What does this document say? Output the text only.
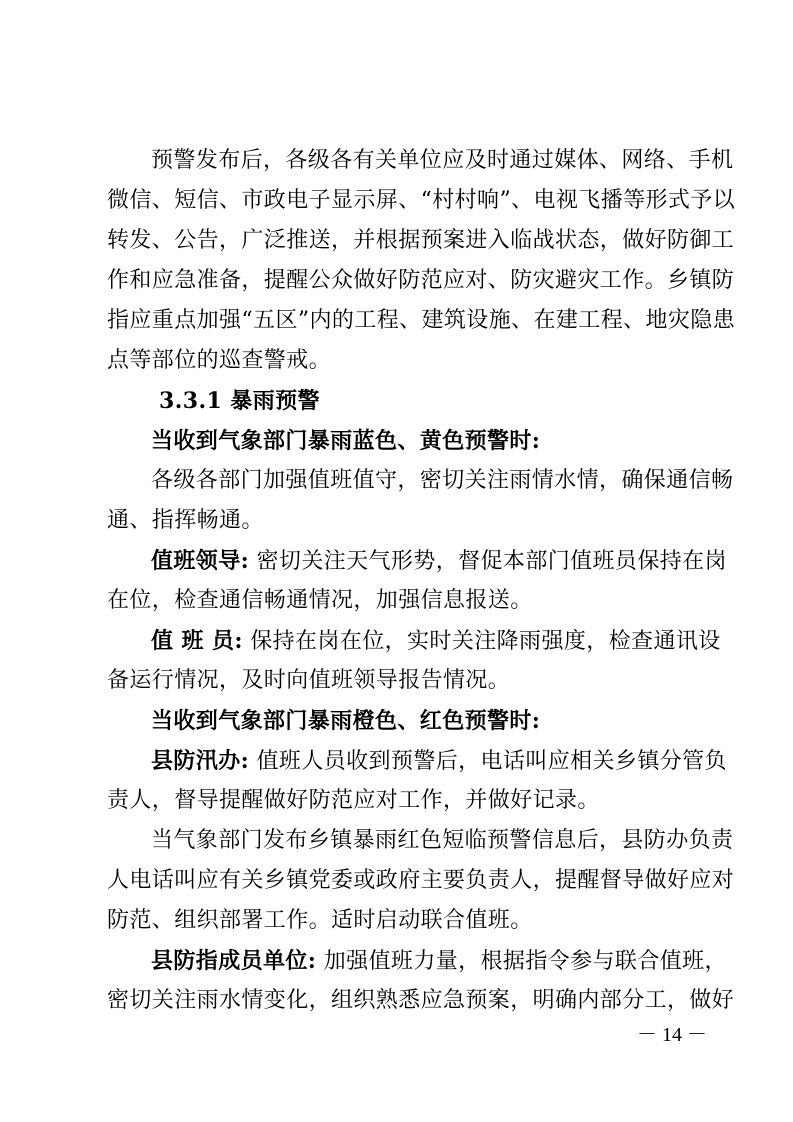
预警发布后，各级各有关单位应及时通过媒体、网络、手机
微信、短信、市政电子显示屏、“村村响”、电视飞播等形式予以
转发、公告，广泛推送，并根据预案进入临战状态，做好防御工
作和应急准备，提醒公众做好防范应对、防灾避灾工作。乡镇防
指应重点加强“五区”内的工程、建筑设施、在建工程、地灾隐患
点等部位的巡查警戒。
3.3.1 暴雨预警
当收到气象部门暴雨蓝色、黄色预警时:
各级各部门加强值班值守，密切关注雨情水情，确保通信畅
通、指挥畅通。
值班领导: 密切关注天气形势，督促本部门值班员保持在岗
在位，检查通信畅通情况，加强信息报送。
值 班 员: 保持在岗在位，实时关注降雨强度，检查通讯设
备运行情况，及时向值班领导报告情况。
当收到气象部门暴雨橙色、红色预警时:
县防汛办: 值班人员收到预警后，电话叫应相关乡镇分管负
责人，督导提醒做好防范应对工作，并做好记录。
当气象部门发布乡镇暴雨红色短临预警信息后，县防办负责
人电话叫应有关乡镇党委或政府主要负责人，提醒督导做好应对
防范、组织部署工作。适时启动联合值班。
县防指成员单位: 加强值班力量，根据指令参与联合值班，
密切关注雨水情变化，组织熟悉应急预案，明确内部分工，做好
－ 14 －
